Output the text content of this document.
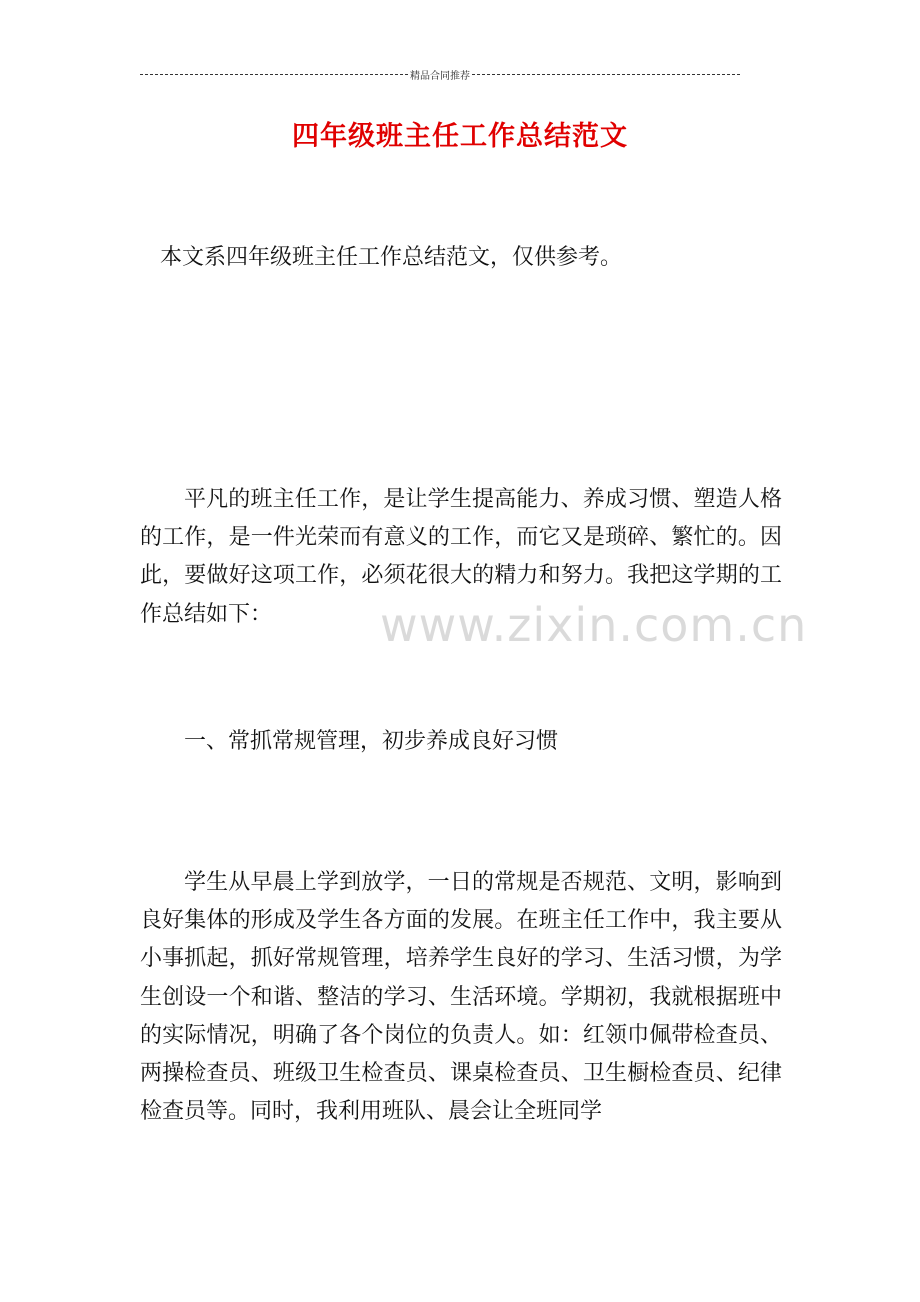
精品合同推荐
四年级班主任工作总结范文
本文系四年级班主任工作总结范文，仅供参考。

平凡的班主任工作，是让学生提高能力、养成习惯、塑造人格的工作，是一件光荣而有意义的工作，而它又是琐碎、繁忙的。因此，要做好这项工作，必须花很大的精力和努力。我把这学期的工作总结如下：

一、常抓常规管理，初步养成良好习惯

学生从早晨上学到放学，一日的常规是否规范、文明，影响到良好集体的形成及学生各方面的发展。在班主任工作中，我主要从小事抓起，抓好常规管理，培养学生良好的学习、生活习惯，为学生创设一个和谐、整洁的学习、生活环境。学期初，我就根据班中的实际情况，明确了各个岗位的负责人。如：红领巾佩带检查员、两操检查员、班级卫生检查员、课桌检查员、卫生橱检查员、纪律检查员等。同时，我利用班队、晨会让全班同学

www.zixin.com.cn
